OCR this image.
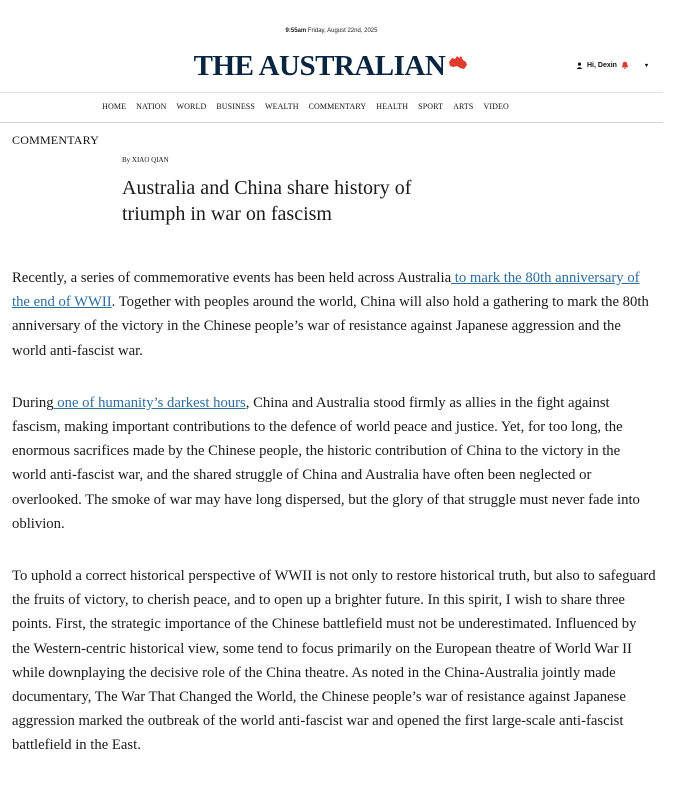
9:55am Friday, August 22nd, 2025
THE AUSTRALIAN	Hi, Dexin	▾
HOME NATION WORLD BUSINESS WEALTH COMMENTARY HEALTH SPORT ARTS VIDEO
COMMENTARY
By XIAO QIAN
Australia and China share history of triumph in war on fascism

Recently, a series of commemorative events has been held across Australia to mark the 80th anniversary of the end of WWII. Together with peoples around the world, China will also hold a gathering to mark the 80th anniversary of the victory in the Chinese people’s war of resistance against Japanese aggression and the world anti-fascist war.

During one of humanity’s darkest hours, China and Australia stood firmly as allies in the fight against fascism, making important contributions to the defence of world peace and justice. Yet, for too long, the enormous sacrifices made by the Chinese people, the historic contribution of China to the victory in the world anti-fascist war, and the shared struggle of China and Australia have often been neglected or overlooked. The smoke of war may have long dispersed, but the glory of that struggle must never fade into oblivion.

To uphold a correct historical perspective of WWII is not only to restore historical truth, but also to safeguard the fruits of victory, to cherish peace, and to open up a brighter future. In this spirit, I wish to share three points. First, the strategic importance of the Chinese battlefield must not be underestimated. Influenced by the Western-centric historical view, some tend to focus primarily on the European theatre of World War II while downplaying the decisive role of the China theatre. As noted in the China-Australia jointly made documentary, The War That Changed the World, the Chinese people’s war of resistance against Japanese aggression marked the outbreak of the world anti-fascist war and opened the first large-scale anti-fascist battlefield in the East.
